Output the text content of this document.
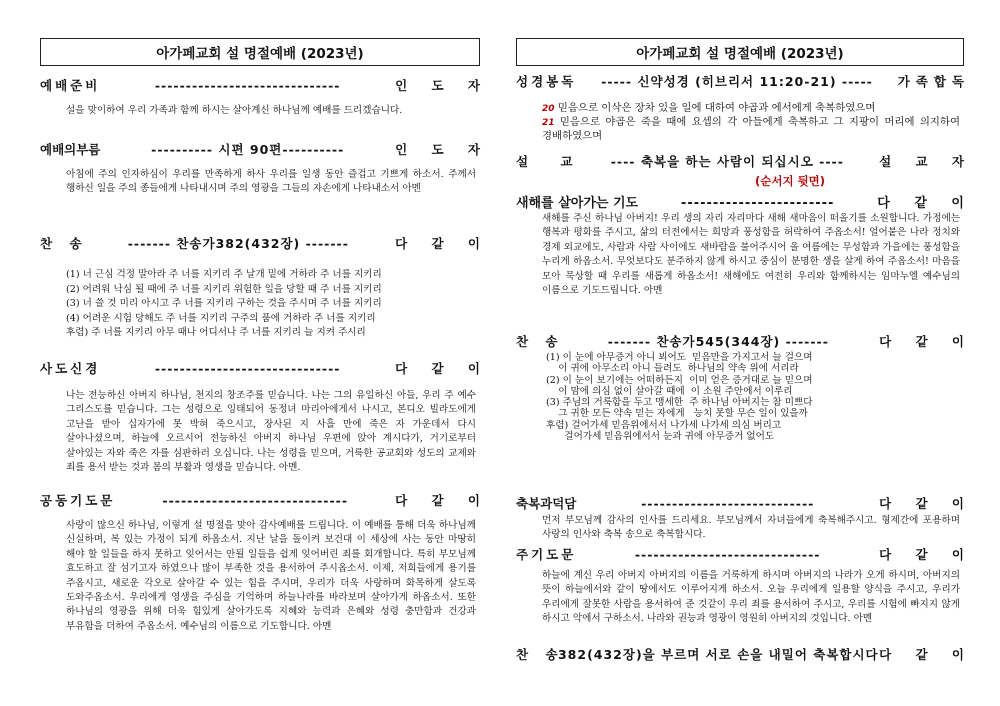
아가페교회 설 명절예배 (2023년)
예배준비	------------------------------	인 도 자
설을 맞이하여 우리 가족과 함께 하시는 살아계신 하나님께 예배를 드리겠습니다.
예배의부름	---------- 시편 90편----------	인 도 자
아침에 주의 인자하심이 우리를 만족하게 하사 우리를 일생 동안 즐겁고 기쁘게 하소서. 주께서 행하신 일을 주의 종들에게 나타내시며 주의 영광을 그들의 자손에게 나타내소서 아멘
찬    송	------- 찬송가382(432장) -------	다 같 이
(1) 너 근심 걱정 말아라 주 너를 지키리 주 날개 밑에 거하라 주 너를 지키리
(2) 어려워 낙심 될 때에 주 너를 지키리 위험한 일을 당할 때 주 너를 지키리
(3) 너 쓸 것 미리 아시고 주 너를 지키리 구하는 것을 주시며 주 너를 지키리
(4) 어려운 시험 당해도 주 너를 지키리 구주의 품에 거하라 주 너를 지키리
후렴) 주 너를 지키리 아무 때나 어디서나 주 너를 지키리 늘 지켜 주시리
사도신경	------------------------------	다 같 이
나는 전능하신 아버지 하나님, 천지의 창조주를 믿습니다. 나는 그의 유일하신 아들, 우리 주 예수 그리스도를 믿습니다. 그는 성령으로 잉태되어 동정녀 마리아에게서 나시고, 본디오 빌라도에게 고난을 받아 십자가에 못 박혀 죽으시고, 장사된 지 사흘 만에 죽은 자 가운데서 다시 살아나셨으며, 하늘에 오르시어 전능하신 아버지 하나님 우편에 앉아 계시다가, 거기로부터 살아있는 자와 죽은 자를 심판하러 오십니다. 나는 성령을 믿으며, 거룩한 공교회와 성도의 교제와 죄를 용서 받는 것과 몸의 부활과 영생을 믿습니다. 아멘.
공동기도문	------------------------------	다 같 이
사랑이 많으신 하나님, 이렇게 설 명절을 맞아 감사예배를 드립니다. 이 예배를 통해 더욱 하나님께 신실하며, 복 있는 가정이 되게 하옵소서. 지난 날을 돌이켜 보건대 이 세상에 사는 동안 마땅히 해야 할 일들을 하지 못하고 잊어서는 안될 일들을 쉽게 잊어버린 죄를 회개합니다. 특히 부모님께 효도하고 잘 섬기고자 하였으나 많이 부족한 것을 용서하여 주시옵소서. 이제, 저희들에게 용기를 주옵시고, 새로운 각오로 살아갈 수 있는 힘을 주시며, 우리가 더욱 사랑하며 화목하게 살도록 도와주옵소서. 우리에게 영생을 주심을 기억하며 하늘나라를 바라보며 살아가게 하옵소서. 또한 하나님의 영광을 위해 더욱 힘있게 살아가도록 지혜와 능력과 은혜와 성령 충만함과 건강과 부유함을 더하여 주옵소서. 예수님의 이름으로 기도합니다. 아멘
아가페교회 설 명절예배 (2023년)
성경봉독	----- 신약성경 (히브리서 11:20-21) -----	가족합독

20 믿음으로 이삭은 장차 있을 일에 대하여 야곱과 에서에게 축복하였으며

21 믿음으로 야곱은 죽을 때에 요셉의 각 아들에게 축복하고 그 지팡이 머리에 의지하여 경배하였으며

설    교	---- 축복을 하는 사람이 되십시오 ----	설 교 자
(순서지 뒷면)
새해를 살아가는 기도	------------------------	다 같 이
새해를 주신 하나님 아버지! 우리 생의 자리 자리마다 새해 새마음이 떠올기를 소원합니다. 가정에는 행복과 평화를 주시고, 삶의 터전에서는 희망과 풍성함을 허락하여 주옵소서! 얼어붙은 나라 정치와 경제 외교에도, 사람과 사람 사이에도 새바람을 불어주시어 올 여름에는 무성함과 가을에는 풍성함을 누리게 하옵소서. 무엇보다도 분주하지 않게 하시고 중심이 분명한 생을 살게 하여 주옵소서! 마음을 모아 묵상할 때 우리를 새롭게 하옵소서! 새해에도 여전히 우리와 함께하시는 임마누엘 예수님의 이름으로 기도드립니다. 아멘
찬    송	------- 찬송가545(344장) -------	다 같 이
(1) 이 눈에 아무증거 아니 뵈어도  믿음만을 가지고서 늘 걸으며
이 귀에 아무소리 아니 들려도  하나님의 약속 위에 서리라
(2) 이 눈이 보기에는 어떠하든지  이미 얻은 증거대로 늘 믿으며
이 맘에 의심 없이 살아갈 때에  이 소원 주안에서 이루리
(3) 주님의 거룩함을 두고 맹세한  주 하나님 아버지는 참 미쁘다
그 귀한 모든 약속 믿는 자에게   능치 못할 무슨 일이 있을까
후렴) 걸어가세 믿음위에서서 나가세 나가세 의심 버리고
걸어가세 믿음위에서서 눈과 귀에 아무증거 없어도
축복과덕담	----------------------------	다 같 이
먼저 부모님께 감사의 인사를 드리세요. 부모님께서 자녀들에게 축복해주시고. 형제간에 포용하며 사랑의 인사와 축복 송으로 축복합시다.
주기도문	------------------------------	다 같 이
하늘에 계신 우리 아버지 아버지의 이름을 거룩하게 하시며 아버지의 나라가 오게 하시며, 아버지의 뜻이 하늘에서와 같이 땅에서도 이루어지게 하소서. 오늘 우리에게 일용할 양식을 주시고, 우리가 우리에게 잘못한 사람을 용서하여 준 것같이 우리 죄를 용서하여 주시고, 우리를 시험에 빠지지 않게 하시고 악에서 구하소서. 나라와 권능과 영광이 영원히 아버지의 것입니다. 아멘
찬    송 382(432장)을 부르며 서로 손을 내밀어 축복합시다 다 같 이
